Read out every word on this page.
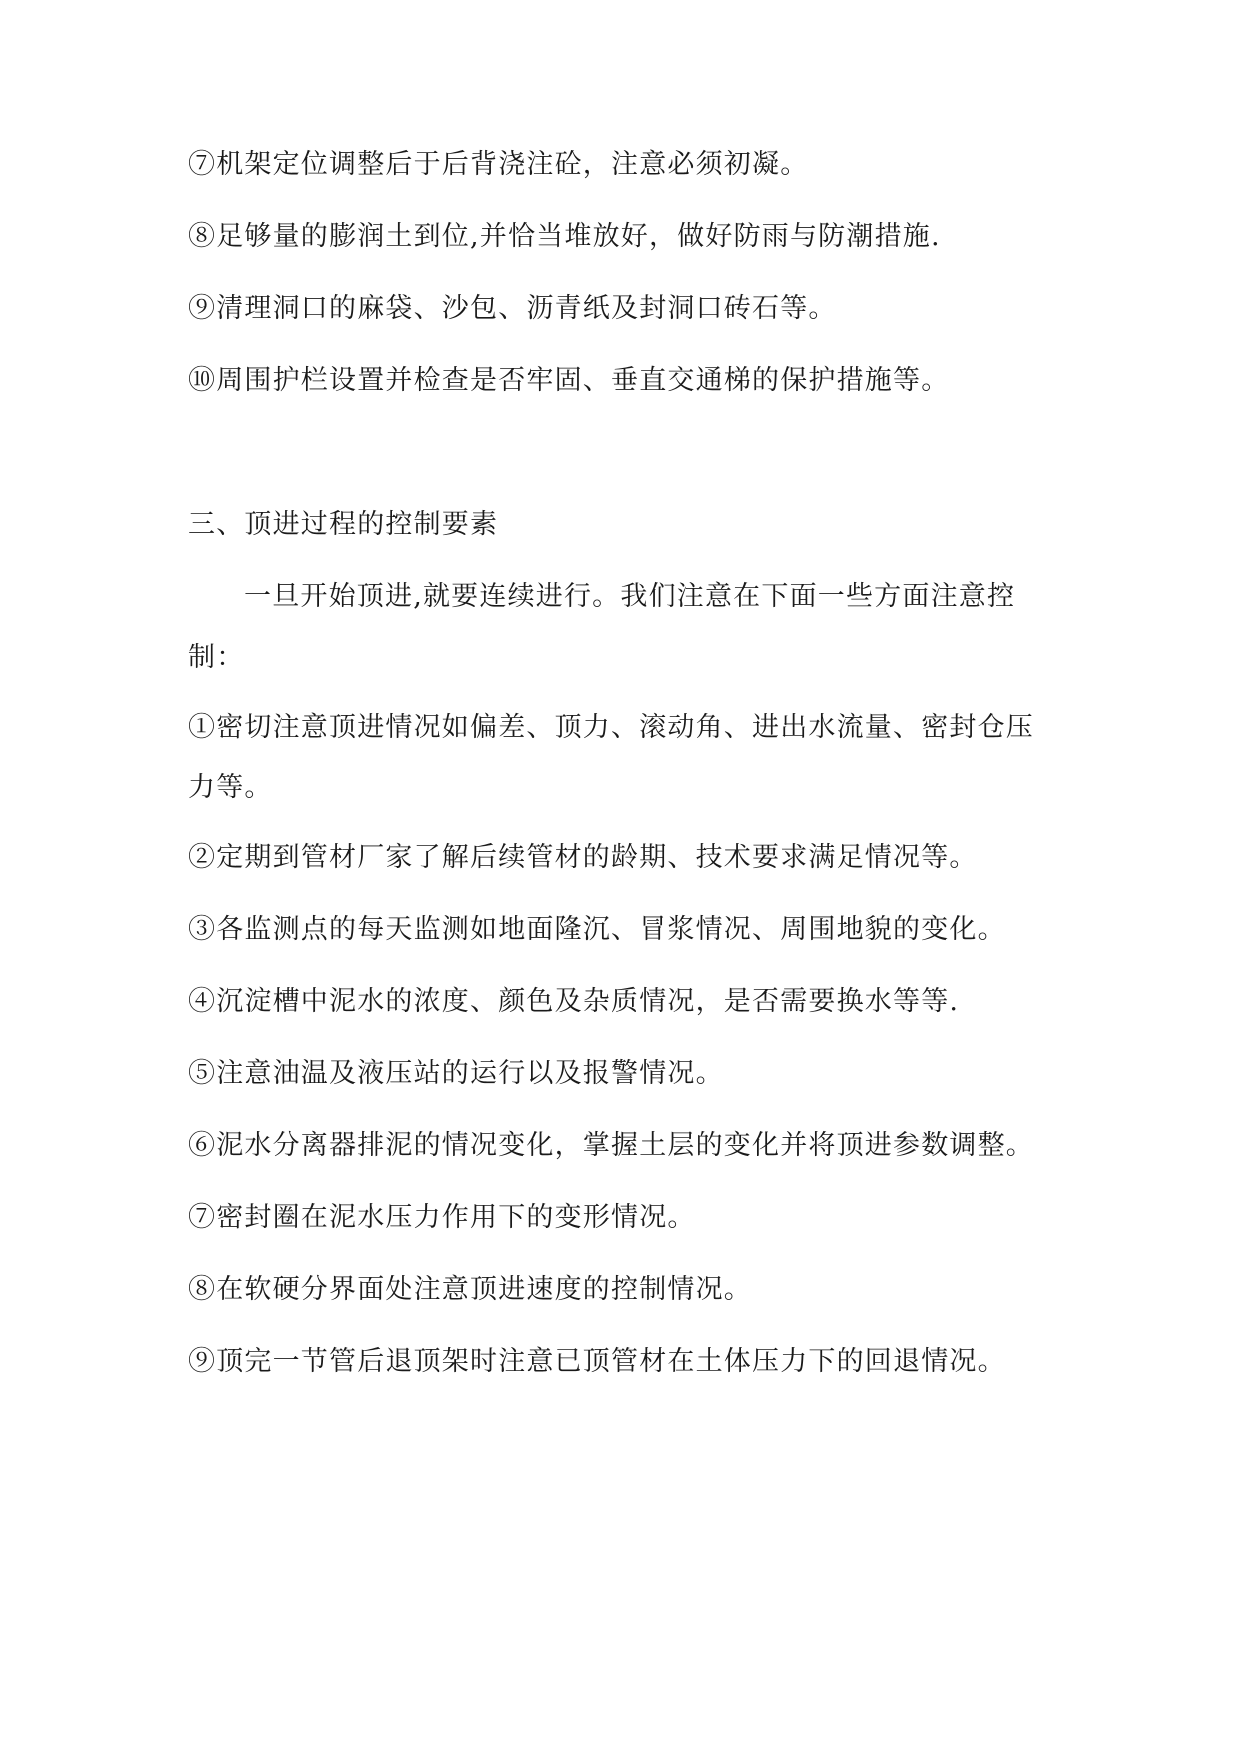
⑦机架定位调整后于后背浇注砼，注意必须初凝。
⑧足够量的膨润土到位,并恰当堆放好，做好防雨与防潮措施.
⑨清理洞口的麻袋、沙包、沥青纸及封洞口砖石等。
⑩周围护栏设置并检查是否牢固、垂直交通梯的保护措施等。
三、顶进过程的控制要素
一旦开始顶进,就要连续进行。我们注意在下面一些方面注意控
制：
①密切注意顶进情况如偏差、顶力、滚动角、进出水流量、密封仓压
力等。
②定期到管材厂家了解后续管材的龄期、技术要求满足情况等。
③各监测点的每天监测如地面隆沉、冒浆情况、周围地貌的变化。
④沉淀槽中泥水的浓度、颜色及杂质情况，是否需要换水等等.
⑤注意油温及液压站的运行以及报警情况。
⑥泥水分离器排泥的情况变化，掌握土层的变化并将顶进参数调整。
⑦密封圈在泥水压力作用下的变形情况。
⑧在软硬分界面处注意顶进速度的控制情况。
⑨顶完一节管后退顶架时注意已顶管材在土体压力下的回退情况。
